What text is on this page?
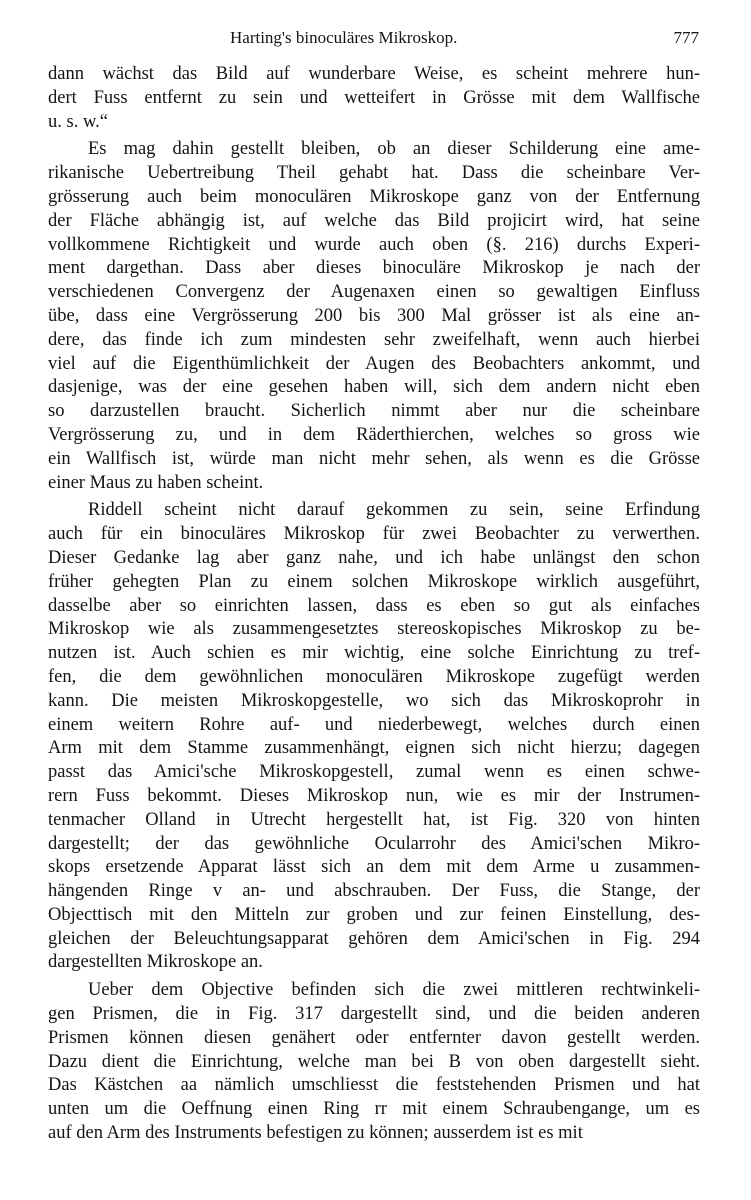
Harting's binoculäres Mikroskop.	777
dann wächst das Bild auf wunderbare Weise, es scheint mehrere hun-
dert Fuss entfernt zu sein und wetteifert in Grösse mit dem Wallfische
u. s. w.“
Es mag dahin gestellt bleiben, ob an dieser Schilderung eine ame-
rikanische Uebertreibung Theil gehabt hat. Dass die scheinbare Ver-
grösserung auch beim monoculären Mikroskope ganz von der Entfernung
der Fläche abhängig ist, auf welche das Bild projicirt wird, hat seine
vollkommene Richtigkeit und wurde auch oben (§. 216) durchs Experi-
ment dargethan. Dass aber dieses binoculäre Mikroskop je nach der
verschiedenen Convergenz der Augenaxen einen so gewaltigen Einfluss
übe, dass eine Vergrösserung 200 bis 300 Mal grösser ist als eine an-
dere, das finde ich zum mindesten sehr zweifelhaft, wenn auch hierbei
viel auf die Eigenthümlichkeit der Augen des Beobachters ankommt, und
dasjenige, was der eine gesehen haben will, sich dem andern nicht eben
so darzustellen braucht. Sicherlich nimmt aber nur die scheinbare
Vergrösserung zu, und in dem Räderthierchen, welches so gross wie
ein Wallfisch ist, würde man nicht mehr sehen, als wenn es die Grösse
einer Maus zu haben scheint.
Riddell scheint nicht darauf gekommen zu sein, seine Erfindung
auch für ein binoculäres Mikroskop für zwei Beobachter zu verwerthen.
Dieser Gedanke lag aber ganz nahe, und ich habe unlängst den schon
früher gehegten Plan zu einem solchen Mikroskope wirklich ausgeführt,
dasselbe aber so einrichten lassen, dass es eben so gut als einfaches
Mikroskop wie als zusammengesetztes stereoskopisches Mikroskop zu be-
nutzen ist. Auch schien es mir wichtig, eine solche Einrichtung zu tref-
fen, die dem gewöhnlichen monoculären Mikroskope zugefügt werden
kann. Die meisten Mikroskopgestelle, wo sich das Mikroskoprohr in
einem weitern Rohre auf- und niederbewegt, welches durch einen
Arm mit dem Stamme zusammenhängt, eignen sich nicht hierzu; dagegen
passt das Amici'sche Mikroskopgestell, zumal wenn es einen schwe-
rern Fuss bekommt. Dieses Mikroskop nun, wie es mir der Instrumen-
tenmacher Olland in Utrecht hergestellt hat, ist Fig. 320 von hinten
dargestellt; der das gewöhnliche Ocularrohr des Amici'schen Mikro-
skops ersetzende Apparat lässt sich an dem mit dem Arme u zusammen-
hängenden Ringe v an- und abschrauben. Der Fuss, die Stange, der
Objecttisch mit den Mitteln zur groben und zur feinen Einstellung, des-
gleichen der Beleuchtungsapparat gehören dem Amici'schen in Fig. 294
dargestellten Mikroskope an.
Ueber dem Objective befinden sich die zwei mittleren rechtwinkeli-
gen Prismen, die in Fig. 317 dargestellt sind, und die beiden anderen
Prismen können diesen genähert oder entfernter davon gestellt werden.
Dazu dient die Einrichtung, welche man bei B von oben dargestellt sieht.
Das Kästchen aa nämlich umschliesst die feststehenden Prismen und hat
unten um die Oeffnung einen Ring rr mit einem Schraubengange, um es
auf den Arm des Instruments befestigen zu können; ausserdem ist es mit
